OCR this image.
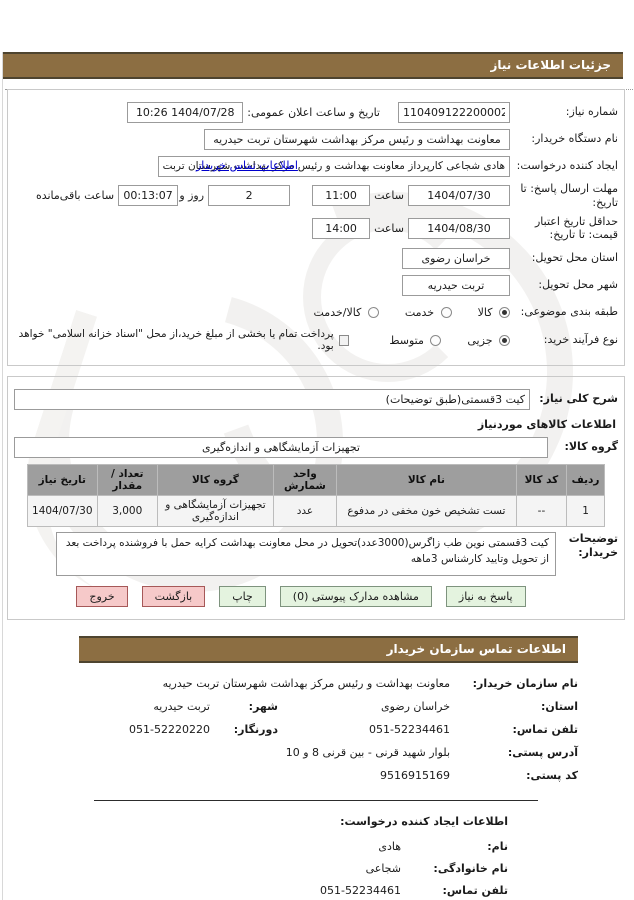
جزئیات اطلاعات نیاز
شماره نیاز:
1104091222000021
تاریخ و ساعت اعلان عمومی:
1404/07/28 10:26
نام دستگاه خریدار:
معاونت بهداشت و رئیس مرکز بهداشت شهرستان تربت حیدریه
ایجاد کننده درخواست:
هادی شجاعی کارپرداز معاونت بهداشت و رئیس مرکز بهداشت شهرستان تربت حیدریه
اطلاعات تماس خریدار
مهلت ارسال پاسخ: تا تاریخ:
1404/07/30
ساعت
11:00
2
روز و
00:13:07
ساعت باقی‌مانده
حداقل تاریخ اعتبار قیمت: تا تاریخ:
1404/08/30
ساعت
14:00
استان محل تحویل:
خراسان رضوی
شهر محل تحویل:
تربت حیدریه
طبقه بندی موضوعی:
کالا
خدمت
کالا/خدمت
نوع فرآیند خرید:
جزیی
متوسط
پرداخت تمام یا بخشی از مبلغ خرید،از محل "اسناد خزانه اسلامی" خواهد بود.
شرح کلی نیاز:
کیت 3قسمتی(طبق توضیحات)
اطلاعات کالاهای موردنیاز
گروه کالا:
تجهیزات آزمایشگاهی و اندازه‌گیری
ردیف	کد کالا	نام کالا	واحد شمارش	گروه کالا	تعداد / مقدار	تاریخ نیاز
1	--	تست تشخیص خون مخفی در مدفوع	عدد	تجهیزات آزمایشگاهی و اندازه‌گیری	3,000	1404/07/30
توضیحات خریدار:
کیت 3قسمتی نوین طب زاگرس(3000عدد)تحویل در محل معاونت بهداشت کرایه حمل با فروشنده پرداخت بعد از تحویل وتایید کارشناس 3ماهه
پاسخ به نیاز
مشاهده مدارک پیوستی (0)
چاپ
بازگشت
خروج
اطلاعات تماس سازمان خریدار
نام سازمان خریدار:
معاونت بهداشت و رئیس مرکز بهداشت شهرستان تربت حیدریه
استان:
خراسان رضوی
شهر:
تربت حیدریه
تلفن تماس:
051-52234461
دورنگار:
051-52220220
آدرس پستی:
بلوار شهید قرنی - بین قرنی 8 و 10
کد پستی:
9516915169
اطلاعات ایجاد کننده درخواست:
نام:
هادی
نام خانوادگی:
شجاعی
تلفن تماس:
051-52234461
